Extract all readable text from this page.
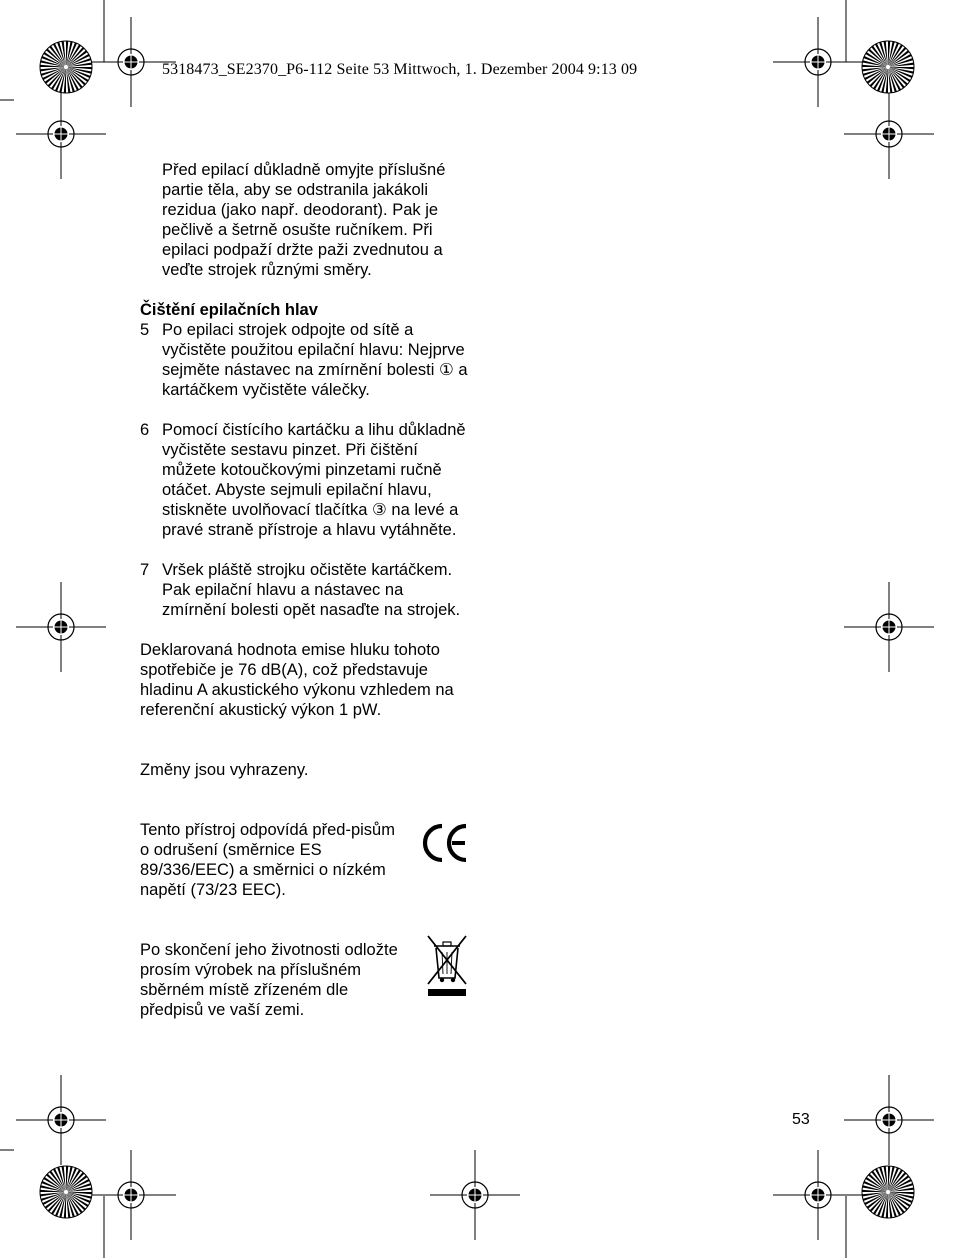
5318473_SE2370_P6-112 Seite 53 Mittwoch, 1. Dezember 2004 9:13 09

Před epilací důkladně omyjte příslušné partie těla, aby se odstranila jakákoli rezidua (jako např. deodorant). Pak je pečlivě a šetrně osušte ručníkem. Při epilaci podpaží držte paži zvednutou a veďte strojek různými směry.

Čištění epilačních hlav

5 Po epilaci strojek odpojte od sítě a vyčistěte použitou epilační hlavu: Nejprve sejměte nástavec na zmírnění bolesti ① a kartáčkem vyčistěte válečky.
6 Pomocí čistícího kartáčku a lihu důkladně vyčistěte sestavu pinzet. Při čištění můžete kotoučkovými pinzetami ručně otáčet. Abyste sejmuli epilační hlavu, stiskněte uvolňovací tlačítka ③ na levé a pravé straně přístroje a hlavu vytáhněte.
7 Vršek pláště strojku očistěte kartáčkem. Pak epilační hlavu a nástavec na zmírnění bolesti opět nasaďte na strojek.

Deklarovaná hodnota emise hluku tohoto spotřebiče je 76 dB(A), což představuje hladinu A akustického výkonu vzhledem na referenční akustický výkon 1 pW.

Změny jsou vyhrazeny.

Tento přístroj odpovídá před-pisům o odrušení (směrnice ES 89/336/EEC) a směrnici o nízkém napětí (73/23 EEC).

Po skončení jeho životnosti odložte prosím výrobek na příslušném sběrném místě zřízeném dle předpisů ve vaší zemi.

53
